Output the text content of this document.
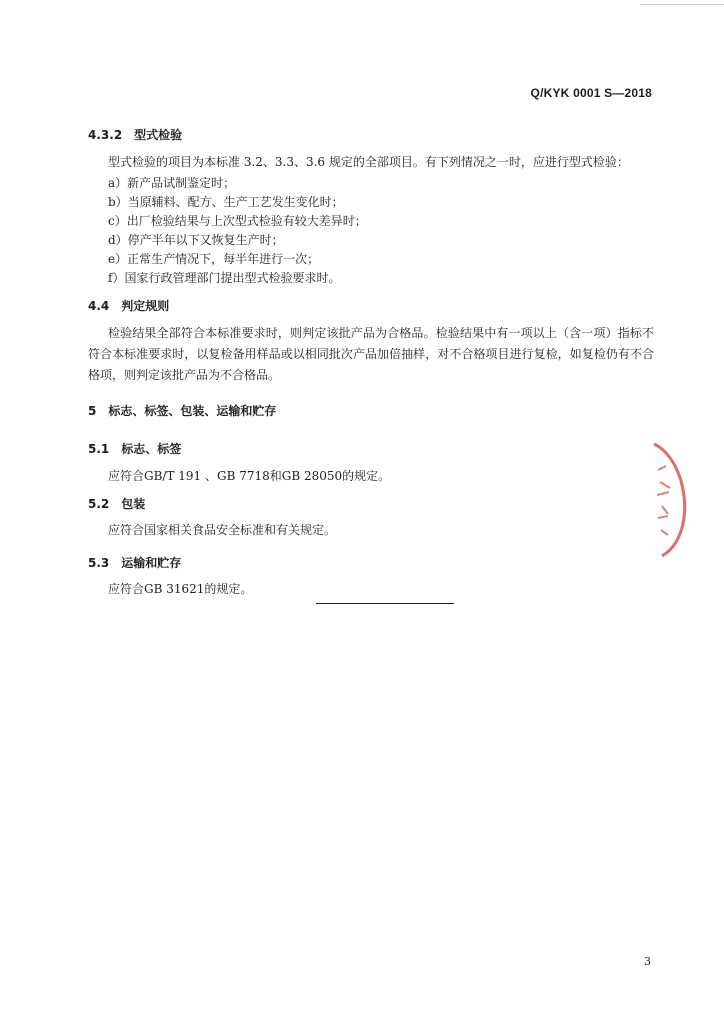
Q/KYK 0001 S—2018
4.3.2 型式检验
型式检验的项目为本标准 3.2、3.3、3.6 规定的全部项目。有下列情况之一时，应进行型式检验：
a）新产品试制鉴定时；
b）当原辅料、配方、生产工艺发生变化时；
c）出厂检验结果与上次型式检验有较大差异时；
d）停产半年以下又恢复生产时；
e）正常生产情况下，每半年进行一次；
f）国家行政管理部门提出型式检验要求时。
4.4 判定规则
检验结果全部符合本标准要求时，则判定该批产品为合格品。检验结果中有一项以上（含一项）指标不符合本标准要求时，以复检备用样品或以相同批次产品加倍抽样，对不合格项目进行复检，如复检仍有不合格项，则判定该批产品为不合格品。
5 标志、标签、包装、运输和贮存
5.1 标志、标签
应符合GB/T 191 、GB 7718和GB 28050的规定。
5.2 包装
应符合国家相关食品安全标准和有关规定。
5.3 运输和贮存
应符合GB 31621的规定。
3
